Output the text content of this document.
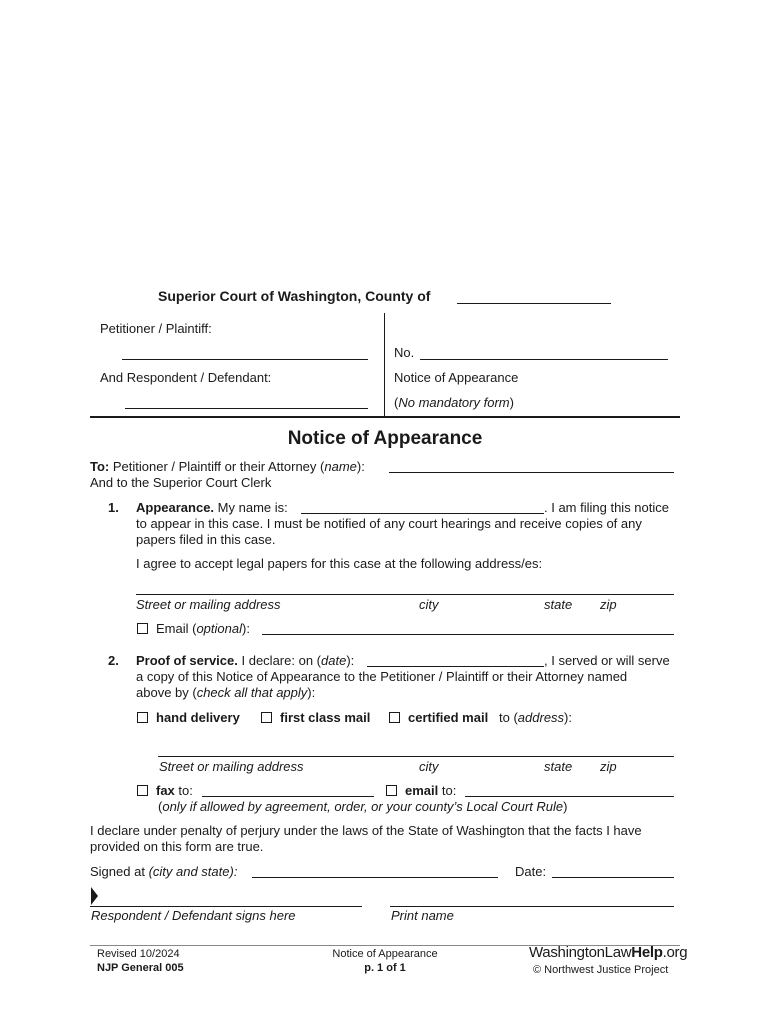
Superior Court of Washington, County of
Petitioner / Plaintiff:
And Respondent / Defendant:
No.
Notice of Appearance
(No mandatory form)
Notice of Appearance
To: Petitioner / Plaintiff or their Attorney (name):
And to the Superior Court Clerk
1. Appearance. My name is:	. I am filing this notice
to appear in this case. I must be notified of any court hearings and receive copies of any
papers filed in this case.
I agree to accept legal papers for this case at the following address/es:
Street or mailing address	city	state zip
Email (optional):
2. Proof of service. I declare: on (date):	, I served or will serve
a copy of this Notice of Appearance to the Petitioner / Plaintiff or their Attorney named
above by (check all that apply):
hand delivery	first class mail	certified mail to (address):
Street or mailing address	city	state zip
fax to:	email to:
(only if allowed by agreement, order, or your county’s Local Court Rule)
I declare under penalty of perjury under the laws of the State of Washington that the facts I have
provided on this form are true.
Signed at (city and state):	Date:
Respondent / Defendant signs here	Print name
Revised 10/2024
NJP General 005
Notice of Appearance
p. 1 of 1
WashingtonLawHelp.org
© Northwest Justice Project
